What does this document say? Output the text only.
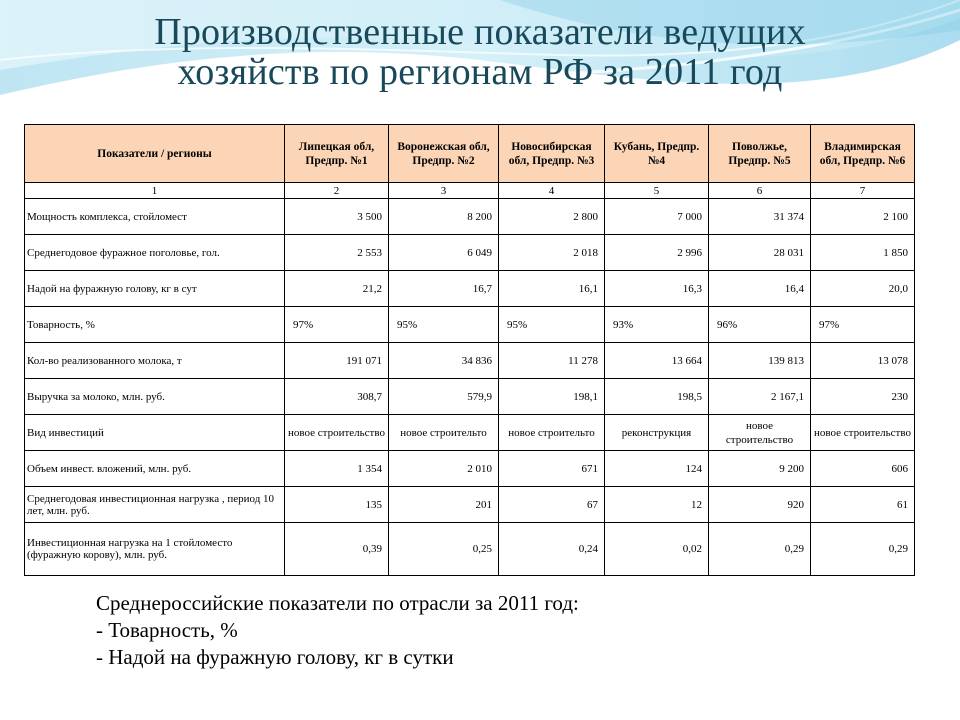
Производственные показатели ведущих
хозяйств по регионам РФ за 2011 год
Показатели / регионы	Липецкая обл, Предпр. №1	Воронежская обл, Предпр. №2	Новосибирская обл, Предпр. №3	Кубань, Предпр. №4	Поволжье, Предпр. №5	Владимирская обл, Предпр. №6
1	2	3	4	5	6	7
Мощность комплекса, стойломест	3 500	8 200	2 800	7 000	31 374	2 100
Среднегодовое фуражное поголовье, гол.	2 553	6 049	2 018	2 996	28 031	1 850
Надой на фуражную голову, кг в сут	21,2	16,7	16,1	16,3	16,4	20,0
Товарность, %	97%	95%	95%	93%	96%	97%
Кол-во реализованного молока, т	191 071	34 836	11 278	13 664	139 813	13 078
Выручка за молоко, млн. руб.	308,7	579,9	198,1	198,5	2 167,1	230
Вид инвестиций	новое строительство	новое строительто	новое строительто	реконструкция	новое строительство	новое строительство
Объем инвест. вложений, млн. руб.	1 354	2 010	671	124	9 200	606
Среднегодовая инвестиционная нагрузка , период 10 лет, млн. руб.	135	201	67	12	920	61
Инвестиционная нагрузка на 1 стойломесто (фуражную корову), млн. руб.	0,39	0,25	0,24	0,02	0,29	0,29
Среднероссийские показатели по отрасли за 2011 год:
- Товарность, %
- Надой на фуражную голову, кг в сутки
